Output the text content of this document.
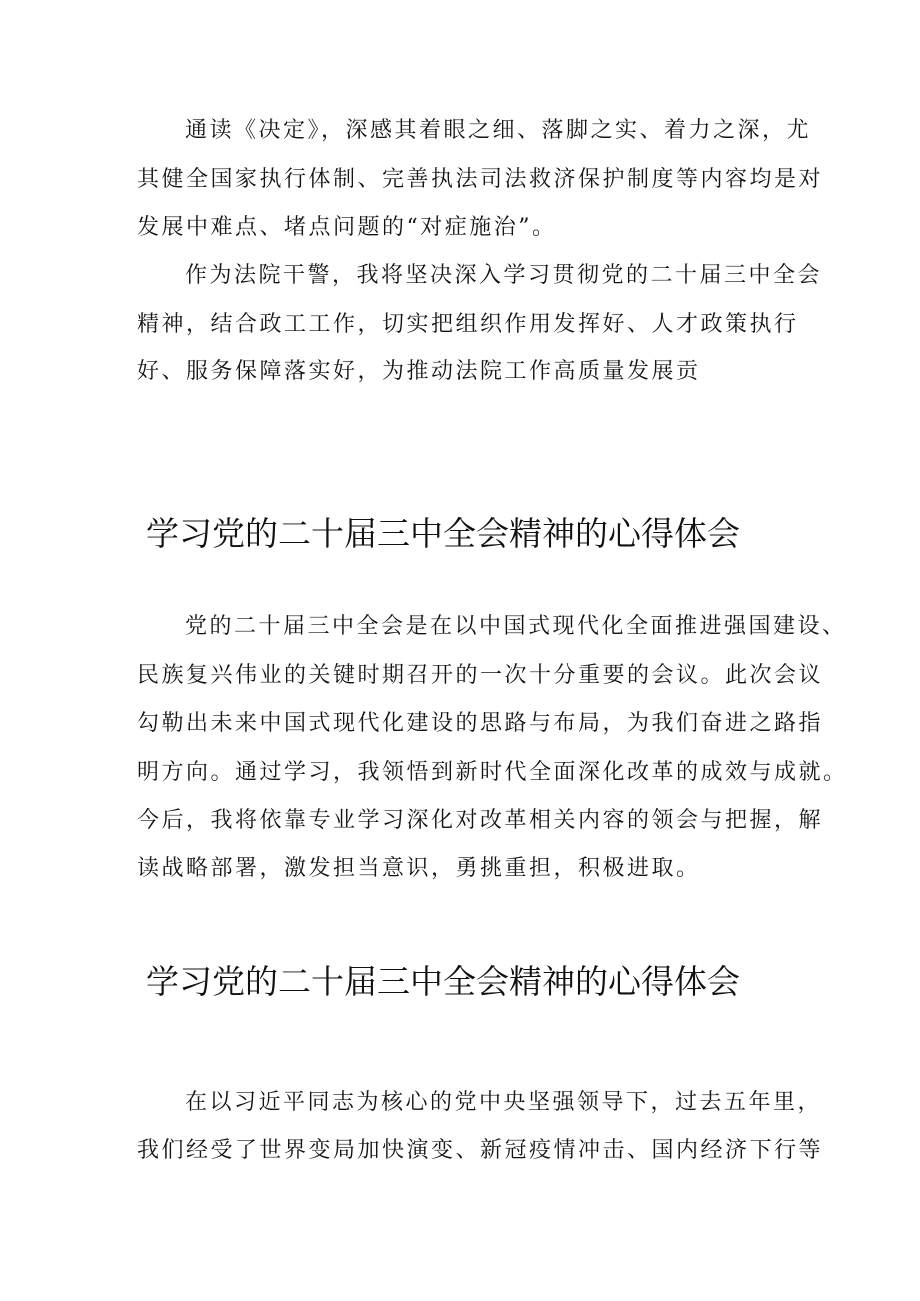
通读《决定》，深感其着眼之细、落脚之实、着力之深，尤

其健全国家执行体制、完善执法司法救济保护制度等内容均是对

发展中难点、堵点问题的“对症施治”。

作为法院干警，我将坚决深入学习贯彻党的二十届三中全会

精神，结合政工工作，切实把组织作用发挥好、人才政策执行

好、服务保障落实好，为推动法院工作高质量发展贡

学习党的二十届三中全会精神的心得体会

党的二十届三中全会是在以中国式现代化全面推进强国建设、

民族复兴伟业的关键时期召开的一次十分重要的会议。此次会议

勾勒出未来中国式现代化建设的思路与布局，为我们奋进之路指

明方向。通过学习，我领悟到新时代全面深化改革的成效与成就。

今后，我将依靠专业学习深化对改革相关内容的领会与把握，解

读战略部署，激发担当意识，勇挑重担，积极进取。

学习党的二十届三中全会精神的心得体会

在以习近平同志为核心的党中央坚强领导下，过去五年里，

我们经受了世界变局加快演变、新冠疫情冲击、国内经济下行等
